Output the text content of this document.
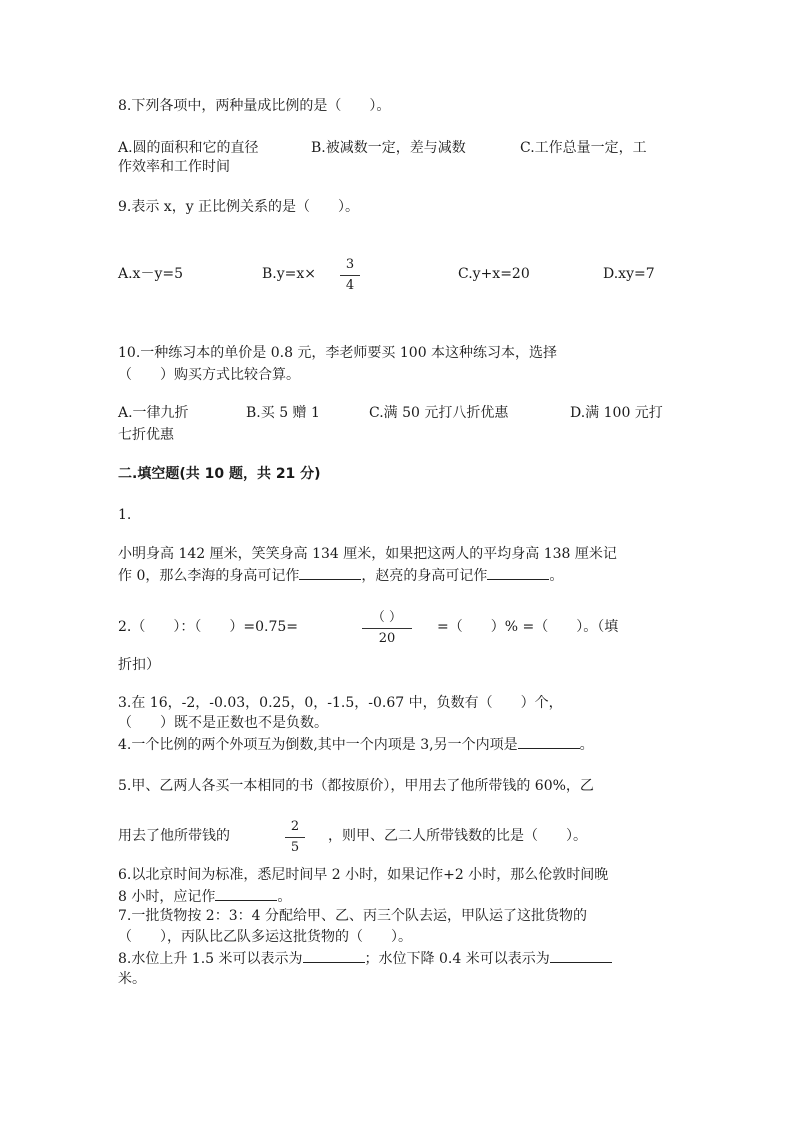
8.下列各项中，两种量成比例的是（　　）。
A.圆的面积和它的直径	B.被减数一定，差与减数	C.工作总量一定，工
作效率和工作时间
9.表示 x，y 正比例关系的是（　　）。
A.x－y=5	B.y=x×
3
4
C.y+x=20	D.xy=7
10.一种练习本的单价是 0.8 元，李老师要买 100 本这种练习本，选择
（　　）购买方式比较合算。
A.一律九折	B.买 5 赠 1	C.满 50 元打八折优惠	D.满 100 元打
七折优惠
二.填空题(共 10 题，共 21 分)
1.
小明身高 142 厘米，笑笑身高 134 厘米，如果把这两人的平均身高 138 厘米记
作 0，那么李海的身高可记作	，赵亮的身高可记作	。
2.（　　）：（　　）=0.75=
（ ）
20
=（　　）% =（　　）。（填
折扣）
3.在 16，-2，-0.03，0.25，0，-1.5，-0.67 中，负数有（　　）个，
（　　）既不是正数也不是负数。
4.一个比例的两个外项互为倒数,其中一个内项是 3,另一个内项是	。
5.甲、乙两人各买一本相同的书（都按原价），甲用去了他所带钱的 60%，乙
用去了他所带钱的
2
5
，则甲、乙二人所带钱数的比是（　　）。
6.以北京时间为标准，悉尼时间早 2 小时，如果记作+2 小时，那么伦敦时间晚
8 小时，应记作	。
7.一批货物按 2：3：4 分配给甲、乙、丙三个队去运，甲队运了这批货物的
（　　），丙队比乙队多运这批货物的（　　）。
8.水位上升 1.5 米可以表示为	；水位下降 0.4 米可以表示为
米。
